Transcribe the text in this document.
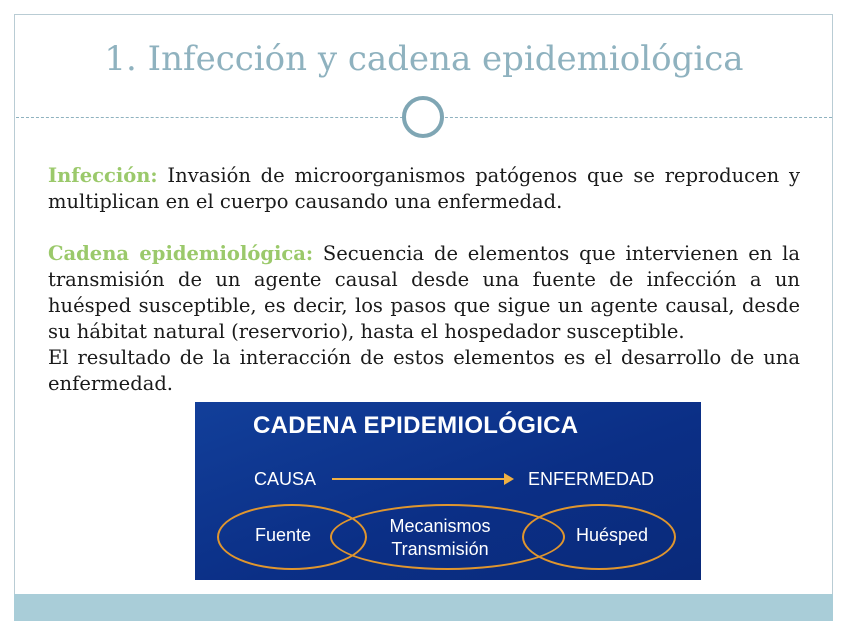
1. Infección y cadena epidemiológica

Infección: Invasión de microorganismos patógenos que se reproducen y multiplican en el cuerpo causando una enfermedad.

Cadena epidemiológica: Secuencia de elementos que intervienen en la transmisión de un agente causal desde una fuente de infección a un huésped susceptible, es decir, los pasos que sigue un agente causal, desde su hábitat natural (reservorio), hasta el hospedador susceptible.

El resultado de la interacción de estos elementos es el desarrollo de una enfermedad.

CADENA EPIDEMIOLÓGICA
CAUSA	ENFERMEDAD
Fuente	Mecanismos
Transmisión
Huésped
